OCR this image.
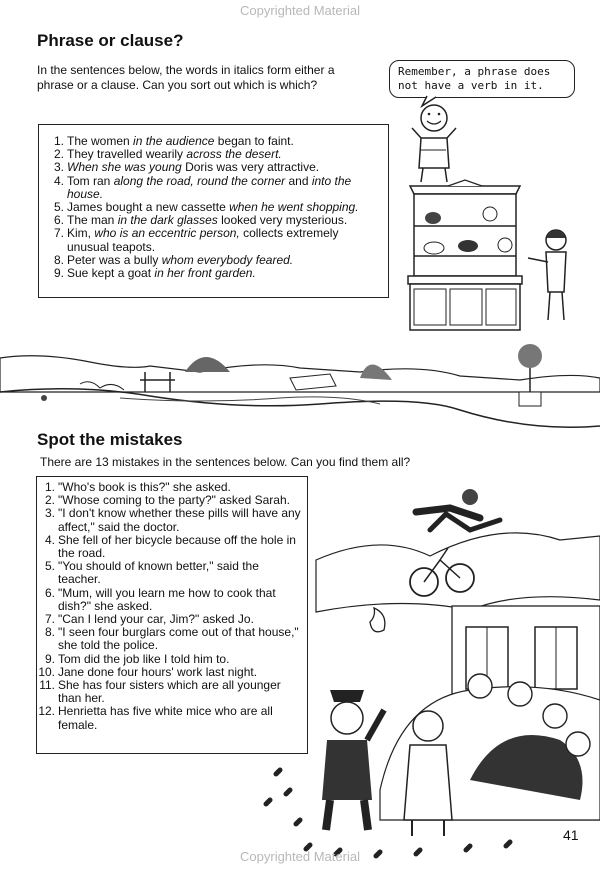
Copyrighted Material
Phrase or clause?
In the sentences below, the words in italics form either a phrase or a clause. Can you sort out which is which?
Remember, a phrase does not have a verb in it.
1. The women in the audience began to faint.
2. They travelled wearily across the desert.
3. When she was young Doris was very attractive.
4. Tom ran along the road, round the corner and into the house.
5. James bought a new cassette when he went shopping.
6. The man in the dark glasses looked very mysterious.
7. Kim, who is an eccentric person, collects extremely unusual teapots.
8. Peter was a bully whom everybody feared.
9. Sue kept a goat in her front garden.
Spot the mistakes
There are 13 mistakes in the sentences below. Can you find them all?
1. "Who's book is this?" she asked.
2. "Whose coming to the party?" asked Sarah.
3. "I don't know whether these pills will have any affect," said the doctor.
4. She fell of her bicycle because off the hole in the road.
5. "You should of known better," said the teacher.
6. "Mum, will you learn me how to cook that dish?" she asked.
7. "Can I lend your car, Jim?" asked Jo.
8. "I seen four burglars come out of that house," she told the police.
9. Tom did the job like I told him to.
10. Jane done four hours' work last night.
11. She has four sisters which are all younger than her.
12. Henrietta has five white mice who are all female.
41
Copyrighted Material
